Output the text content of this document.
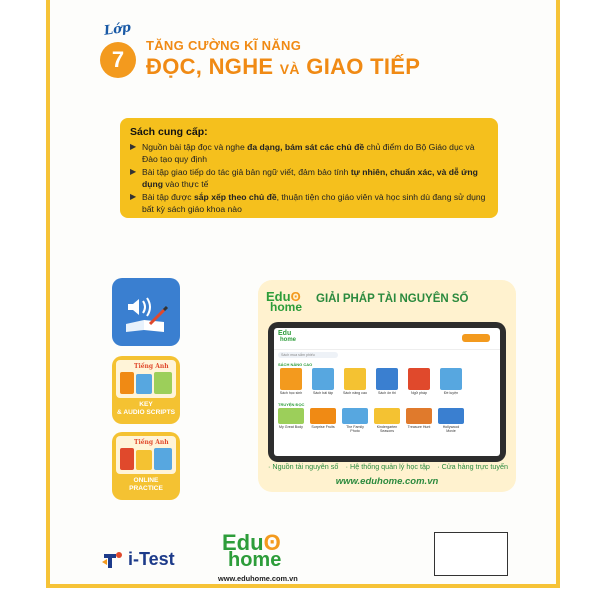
Lớp
7
TĂNG CƯỜNG KĨ NĂNG
ĐỌC, NGHE VÀ GIAO TIẾP
Sách cung cấp:
▶ Nguồn bài tập đọc và nghe đa dạng, bám sát các chủ đề chủ điểm do Bộ Giáo dục và Đào tạo quy định
▶ Bài tập giao tiếp do tác giả bản ngữ viết, đảm bảo tính tự nhiên, chuẩn xác, và dễ ứng dụng vào thực tế
▶ Bài tập được sắp xếp theo chủ đề, thuận tiện cho giáo viên và học sinh dù đang sử dụng bất kỳ sách giáo khoa nào
Tiếng Anh
KEY
& AUDIO SCRIPTS
Tiếng Anh
ONLINE
PRACTICE
Eduʘ
home
GIẢI PHÁP TÀI NGUYÊN SỐ
Edu
home
Sách mua sắm phiếu
SÁCH NÂNG CAO
Sách học sinh	Sách bài tập	Sách nâng cao	Sách ôn thi	Ngữ pháp	Đề luyện
TRUYỆN ĐỌC
My Great Body	Surprise Fruits	The Family Photo
Kindergarten Seasons
Treasure Hunt	Hollywood Movie
· Nguồn tài nguyên số · Hệ thống quản lý học tập · Cửa hàng trực tuyến
www.eduhome.com.vn
i-Test
Eduʘ
home
www.eduhome.com.vn
